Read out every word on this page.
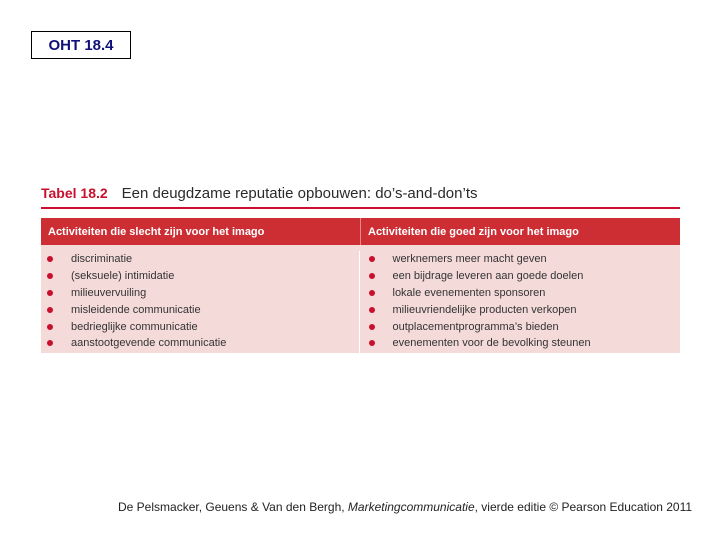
OHT 18.4
Tabel 18.2 Een deugdzame reputatie opbouwen: do’s-and-don’ts
Activiteiten die slecht zijn voor het imago	Activiteiten die goed zijn voor het imago
discriminatie
(seksuele) intimidatie
milieuvervuiling
misleidende communicatie
bedrieglijke communicatie
aanstootgevende communicatie
werknemers meer macht geven
een bijdrage leveren aan goede doelen
lokale evenementen sponsoren
milieuvriendelijke producten verkopen
outplacementprogramma’s bieden
evenementen voor de bevolking steunen
De Pelsmacker, Geuens & Van den Bergh, Marketingcommunicatie, vierde editie © Pearson Education 2011
